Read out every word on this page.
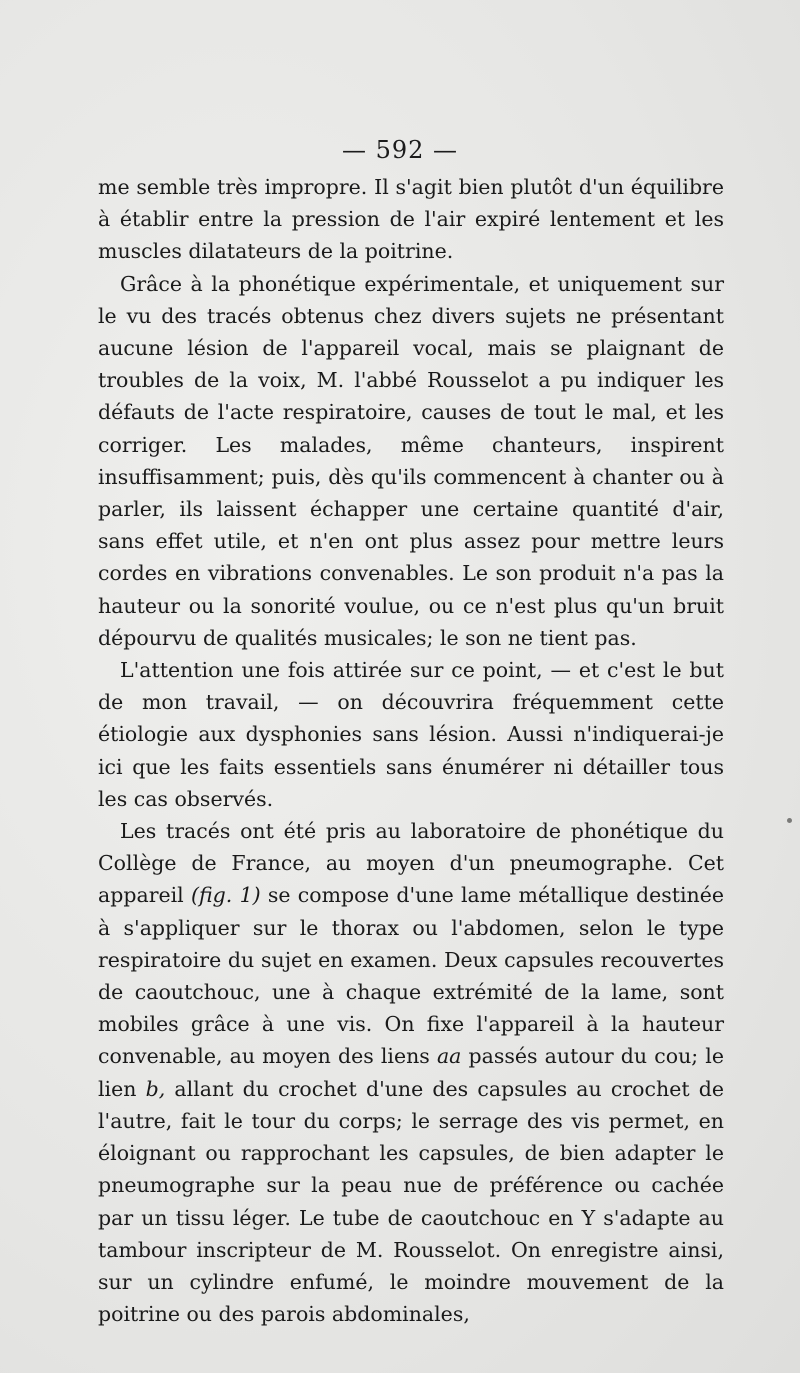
— 592 —

me semble très impropre. Il s'agit bien plutôt d'un équilibre à établir entre la pression de l'air expiré lentement et les muscles dilatateurs de la poitrine.

Grâce à la phonétique expérimentale, et uniquement sur le vu des tracés obtenus chez divers sujets ne présentant aucune lésion de l'appareil vocal, mais se plaignant de troubles de la voix, M. l'abbé Rousselot a pu indiquer les défauts de l'acte respiratoire, causes de tout le mal, et les corriger. Les malades, même chanteurs, inspirent insuffisamment; puis, dès qu'ils commencent à chanter ou à parler, ils laissent échapper une certaine quantité d'air, sans effet utile, et n'en ont plus assez pour mettre leurs cordes en vibrations convenables. Le son produit n'a pas la hauteur ou la sonorité voulue, ou ce n'est plus qu'un bruit dépourvu de qualités musicales; le son ne tient pas.

L'attention une fois attirée sur ce point, — et c'est le but de mon travail, — on découvrira fréquemment cette étiologie aux dysphonies sans lésion. Aussi n'indiquerai-je ici que les faits essentiels sans énumérer ni détailler tous les cas observés.

Les tracés ont été pris au laboratoire de phonétique du Collège de France, au moyen d'un pneumographe. Cet appareil (fig. 1) se compose d'une lame métallique destinée à s'appliquer sur le thorax ou l'abdomen, selon le type respiratoire du sujet en examen. Deux capsules recouvertes de caoutchouc, une à chaque extrémité de la lame, sont mobiles grâce à une vis. On fixe l'appareil à la hauteur convenable, au moyen des liens aa passés autour du cou; le lien b, allant du crochet d'une des capsules au crochet de l'autre, fait le tour du corps; le serrage des vis permet, en éloignant ou rapprochant les capsules, de bien adapter le pneumographe sur la peau nue de préférence ou cachée par un tissu léger. Le tube de caoutchouc en Y s'adapte au tambour inscripteur de M. Rousselot. On enregistre ainsi, sur un cylindre enfumé, le moindre mouvement de la poitrine ou des parois abdominales,
